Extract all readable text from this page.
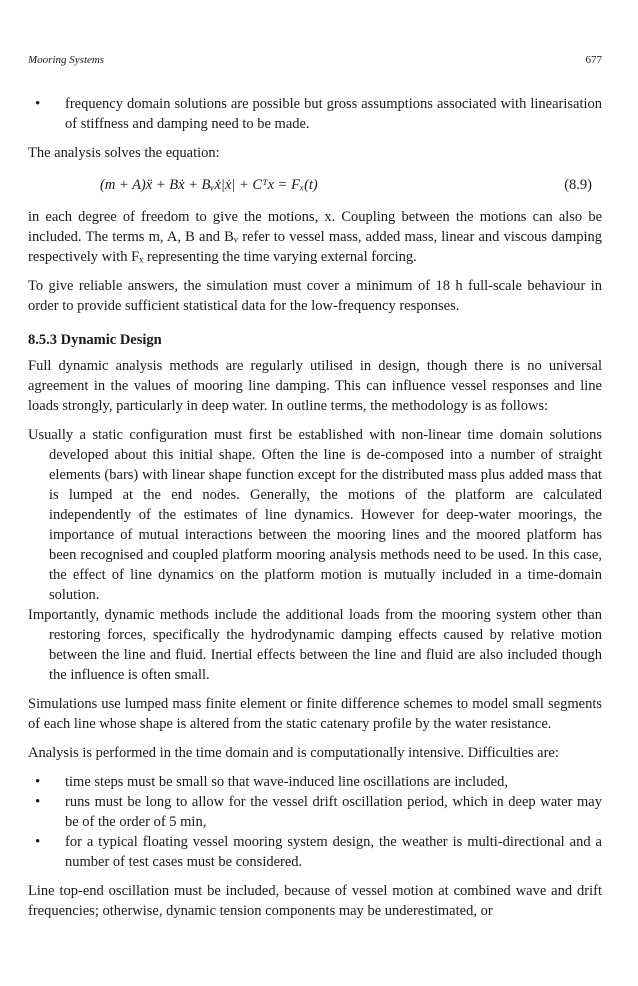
Mooring Systems	677

• frequency domain solutions are possible but gross assumptions associated with linearisation of stiffness and damping need to be made.

The analysis solves the equation:

(m + A)ẍ + Bẋ + Bᵥẋ|ẋ| + Cᵀx = Fₓ(t)	(8.9)

in each degree of freedom to give the motions, x. Coupling between the motions can also be included. The terms m, A, B and Bᵥ refer to vessel mass, added mass, linear and viscous damping respectively with Fₓ representing the time varying external forcing.

To give reliable answers, the simulation must cover a minimum of 18 h full-scale behaviour in order to provide sufficient statistical data for the low-frequency responses.

8.5.3 Dynamic Design

Full dynamic analysis methods are regularly utilised in design, though there is no universal agreement in the values of mooring line damping. This can influence vessel responses and line loads strongly, particularly in deep water. In outline terms, the methodology is as follows:

Usually a static configuration must first be established with non-linear time domain solutions developed about this initial shape. Often the line is de-composed into a number of straight elements (bars) with linear shape function except for the distributed mass plus added mass that is lumped at the end nodes. Generally, the motions of the platform are calculated independently of the estimates of line dynamics. However for deep-water moorings, the importance of mutual interactions between the mooring lines and the moored platform has been recognised and coupled platform mooring analysis methods need to be used. In this case, the effect of line dynamics on the platform motion is mutually included in a time-domain solution.

Importantly, dynamic methods include the additional loads from the mooring system other than restoring forces, specifically the hydrodynamic damping effects caused by relative motion between the line and fluid. Inertial effects between the line and fluid are also included though the influence is often small.

Simulations use lumped mass finite element or finite difference schemes to model small segments of each line whose shape is altered from the static catenary profile by the water resistance.

Analysis is performed in the time domain and is computationally intensive. Difficulties are:

• time steps must be small so that wave-induced line oscillations are included,

• runs must be long to allow for the vessel drift oscillation period, which in deep water may be of the order of 5 min,

• for a typical floating vessel mooring system design, the weather is multi-directional and a number of test cases must be considered.

Line top-end oscillation must be included, because of vessel motion at combined wave and drift frequencies; otherwise, dynamic tension components may be underestimated, or
